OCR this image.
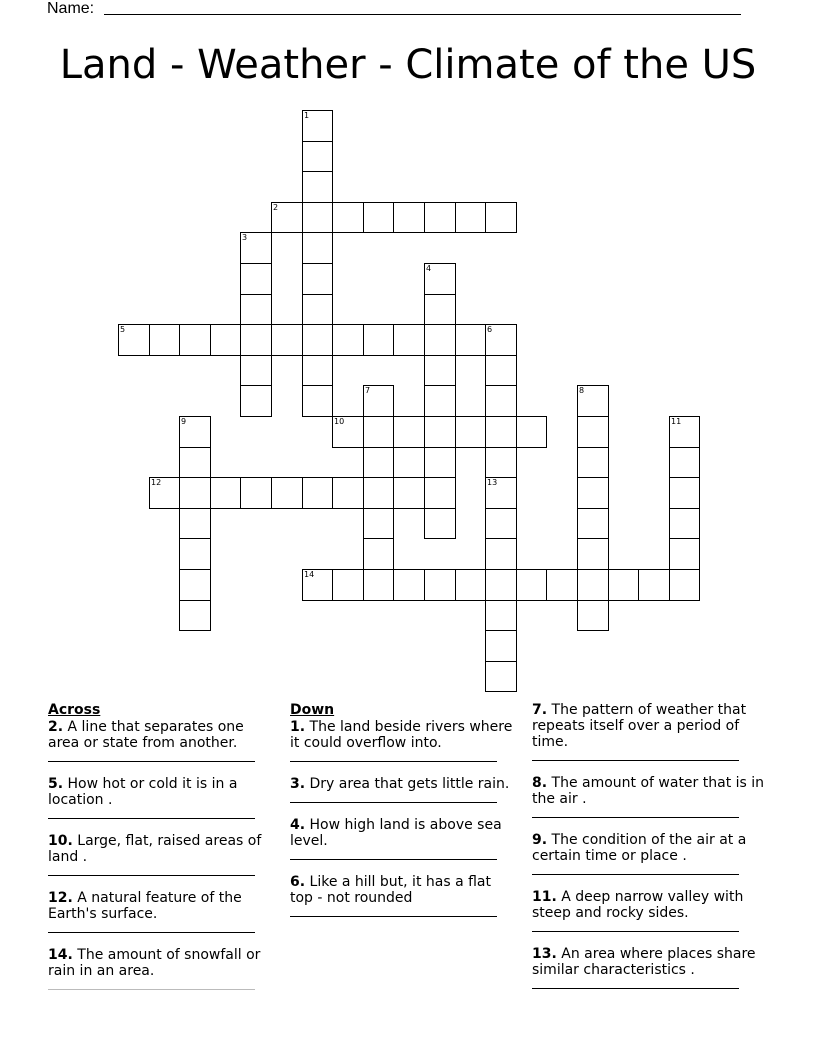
Name:
Land - Weather - Climate of the US
1
2
3
4
5	6
13
7	8
9	10	11
12
14
Across
2. A line that separates one area or state from another.
5. How hot or cold it is in a location .
10. Large, flat, raised areas of land .
12. A natural feature of the Earth's surface.
14. The amount of snowfall or rain in an area.
Down
1. The land beside rivers where it could overflow into.
3. Dry area that gets little rain.
4. How high land is above sea level.
6. Like a hill but, it has a flat top - not rounded
7. The pattern of weather that repeats itself over a period of time.
8. The amount of water that is in the air .
9. The condition of the air at a certain time or place .
11. A deep narrow valley with steep and rocky sides.
13. An area where places share similar characteristics .
